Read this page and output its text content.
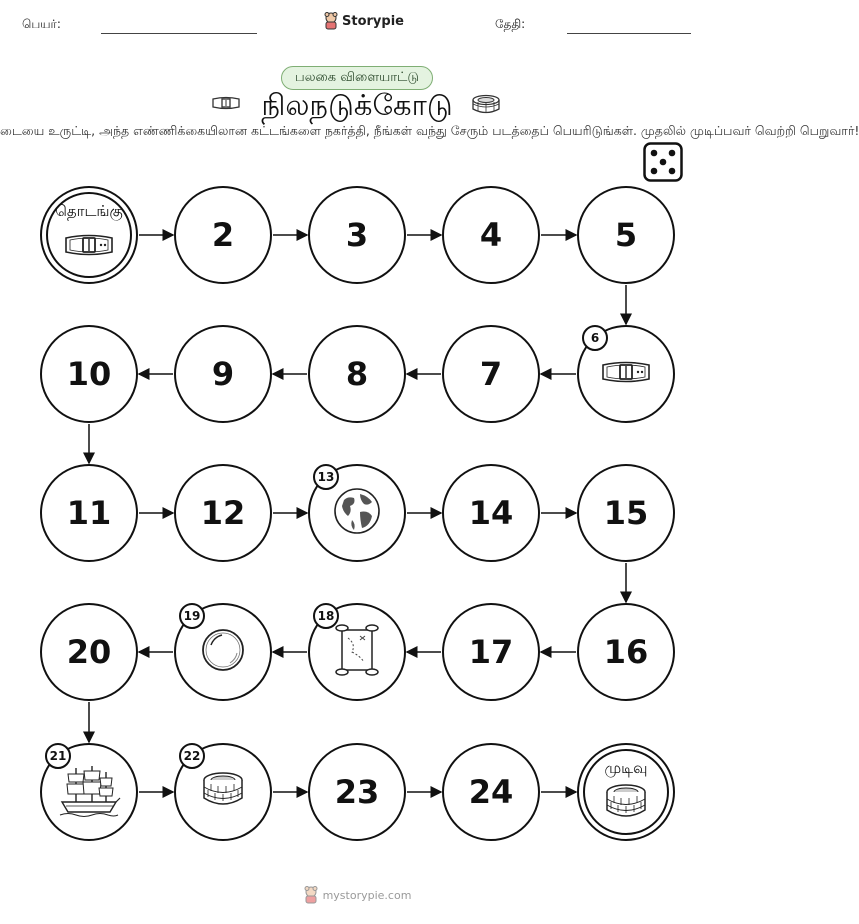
பெயர்:	Storypie	தேதி:
பலகை விளையாட்டு
நிலநடுக்கோடு
டையை உருட்டி, அந்த எண்ணிக்கையிலான கட்டங்களை நகர்த்தி, நீங்கள் வந்து சேரும் படத்தைப் பெயரிடுங்கள். முதலில் முடிப்பவர் வெற்றி பெறுவார்!
தொடங்கு
2	3	4	5
6
7
8
9
10
11	12
13
14	15
16
17
18
19
20
21	22
23	24
முடிவு
mystorypie.com
